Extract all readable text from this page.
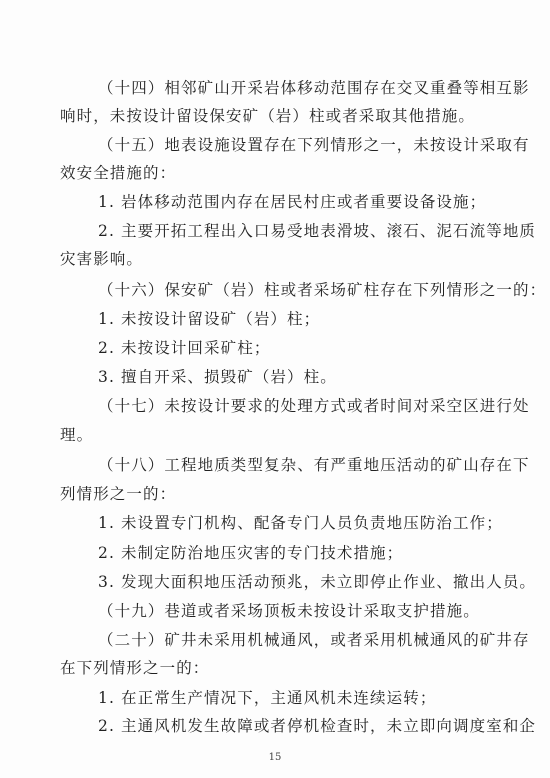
（十四）相邻矿山开采岩体移动范围存在交叉重叠等相互影
响时，未按设计留设保安矿（岩）柱或者采取其他措施。
（十五）地表设施设置存在下列情形之一，未按设计采取有
效安全措施的：
1. 岩体移动范围内存在居民村庄或者重要设备设施；
2. 主要开拓工程出入口易受地表滑坡、滚石、泥石流等地质
灾害影响。
（十六）保安矿（岩）柱或者采场矿柱存在下列情形之一的：
1. 未按设计留设矿（岩）柱；
2. 未按设计回采矿柱；
3. 擅自开采、损毁矿（岩）柱。
（十七）未按设计要求的处理方式或者时间对采空区进行处
理。
（十八）工程地质类型复杂、有严重地压活动的矿山存在下
列情形之一的：
1. 未设置专门机构、配备专门人员负责地压防治工作；
2. 未制定防治地压灾害的专门技术措施；
3. 发现大面积地压活动预兆，未立即停止作业、撤出人员。
（十九）巷道或者采场顶板未按设计采取支护措施。
（二十）矿井未采用机械通风，或者采用机械通风的矿井存
在下列情形之一的：
1. 在正常生产情况下，主通风机未连续运转；
2. 主通风机发生故障或者停机检查时，未立即向调度室和企
15
